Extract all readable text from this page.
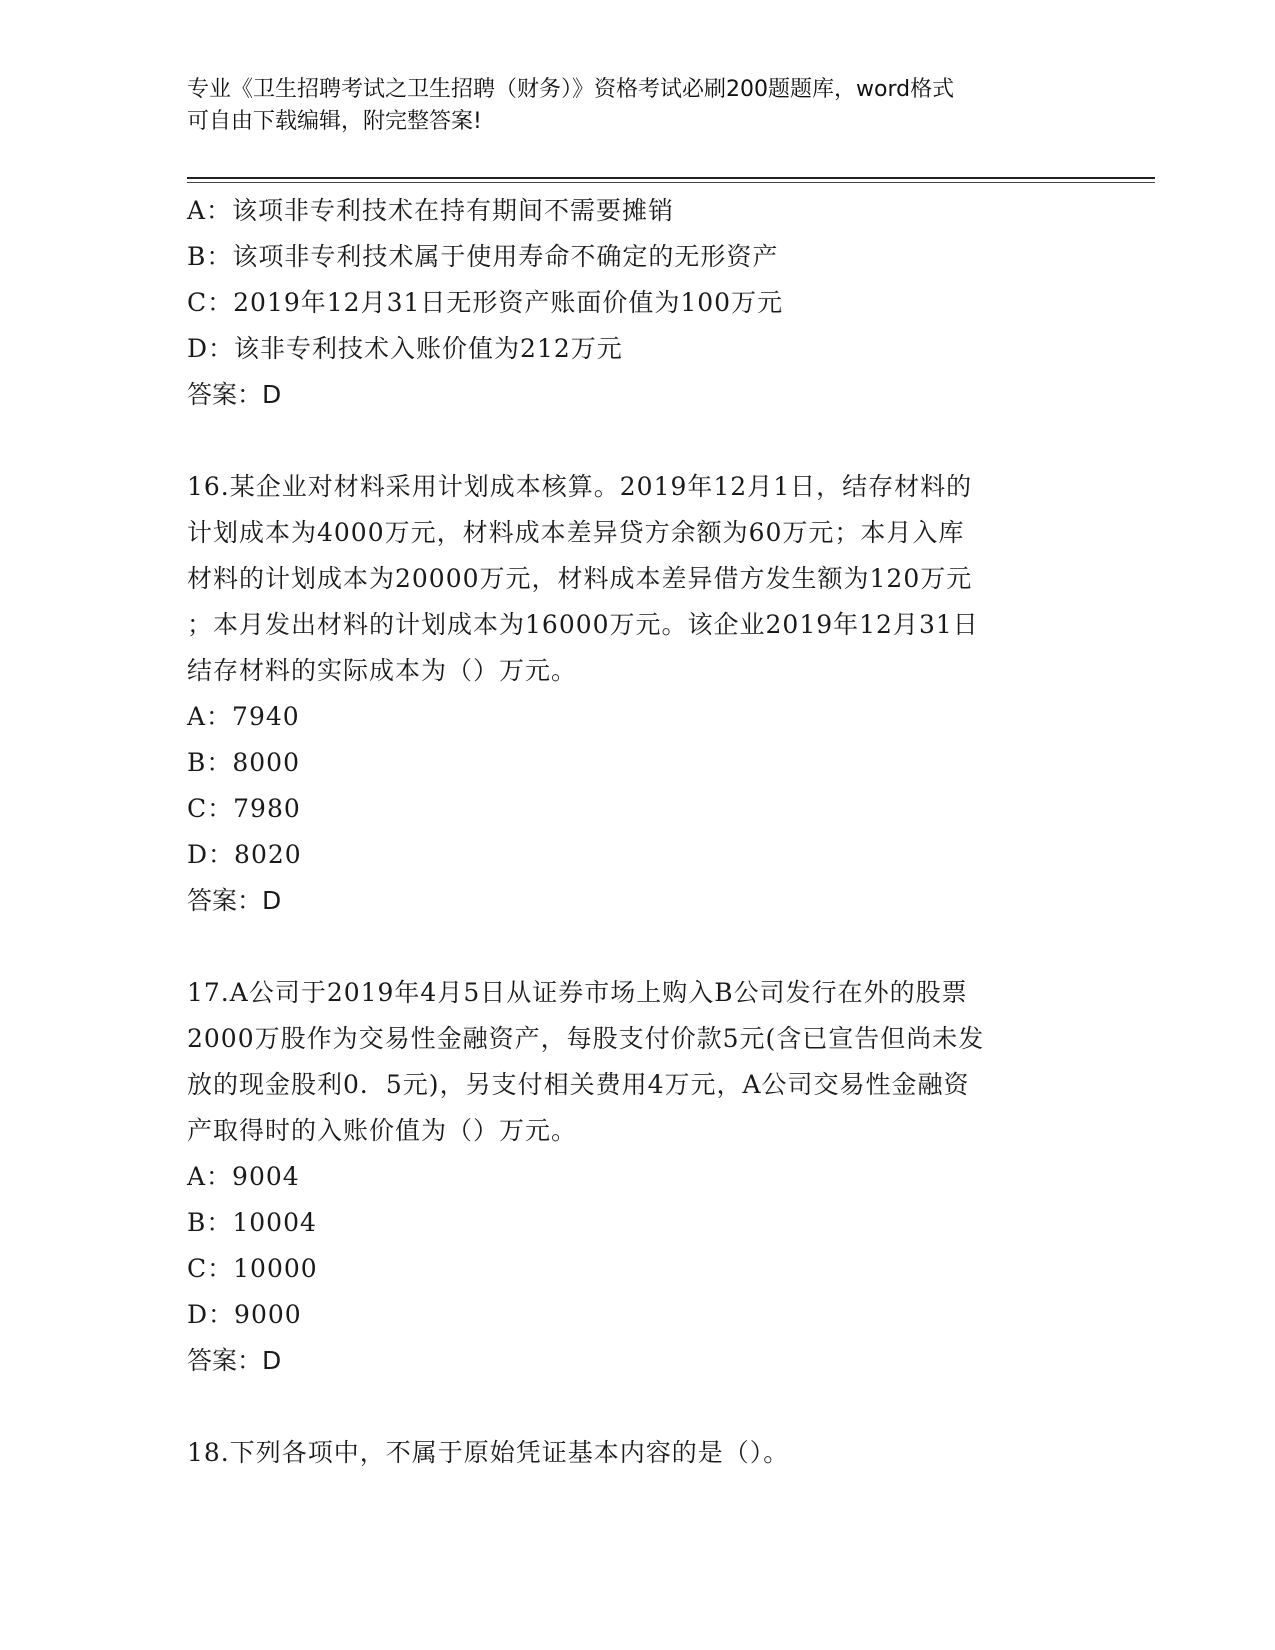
专业《卫生招聘考试之卫生招聘（财务）》资格考试必刷200题题库，word格式
可自由下载编辑，附完整答案!
A：该项非专利技术在持有期间不需要摊销
B：该项非专利技术属于使用寿命不确定的无形资产
C：2019年12月31日无形资产账面价值为100万元
D：该非专利技术入账价值为212万元
答案：D
16.某企业对材料采用计划成本核算。2019年12月1日，结存材料的
计划成本为4000万元，材料成本差异贷方余额为60万元；本月入库
材料的计划成本为20000万元，材料成本差异借方发生额为120万元
；本月发出材料的计划成本为16000万元。该企业2019年12月31日
结存材料的实际成本为（）万元。
A：7940
B：8000
C：7980
D：8020
答案：D
17.A公司于2019年4月5日从证券市场上购入B公司发行在外的股票
2000万股作为交易性金融资产，每股支付价款5元(含已宣告但尚未发
放的现金股利0．5元)，另支付相关费用4万元，A公司交易性金融资
产取得时的入账价值为（）万元。
A：9004
B：10004
C：10000
D：9000
答案：D
18.下列各项中，不属于原始凭证基本内容的是（）。
